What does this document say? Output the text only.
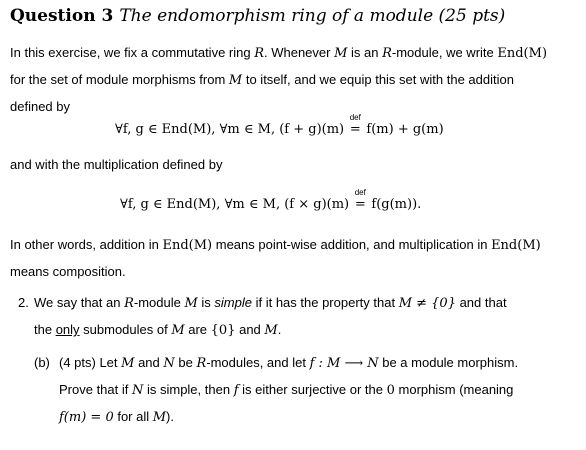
Question 3 The endomorphism ring of a module (25 pts)
In this exercise, we fix a commutative ring R. Whenever M is an R-module, we write End(M)
for the set of module morphisms from M to itself, and we equip this set with the addition
defined by
∀f, g ∈ End(M), ∀m ∈ M, (f + g)(m)
def
= f(m) + g(m)
and with the multiplication defined by
∀f, g ∈ End(M), ∀m ∈ M, (f × g)(m)
def
= f(g(m)).
In other words, addition in End(M) means point-wise addition, and multiplication in End(M)
means composition.
2. We say that an R-module M is simple if it has the property that M ≠ {0} and that
the only submodules of M are {0} and M.
(b) (4 pts) Let M and N be R-modules, and let f : M ⟶ N be a module morphism.
Prove that if N is simple, then f is either surjective or the 0 morphism (meaning
f(m) = 0 for all M).
